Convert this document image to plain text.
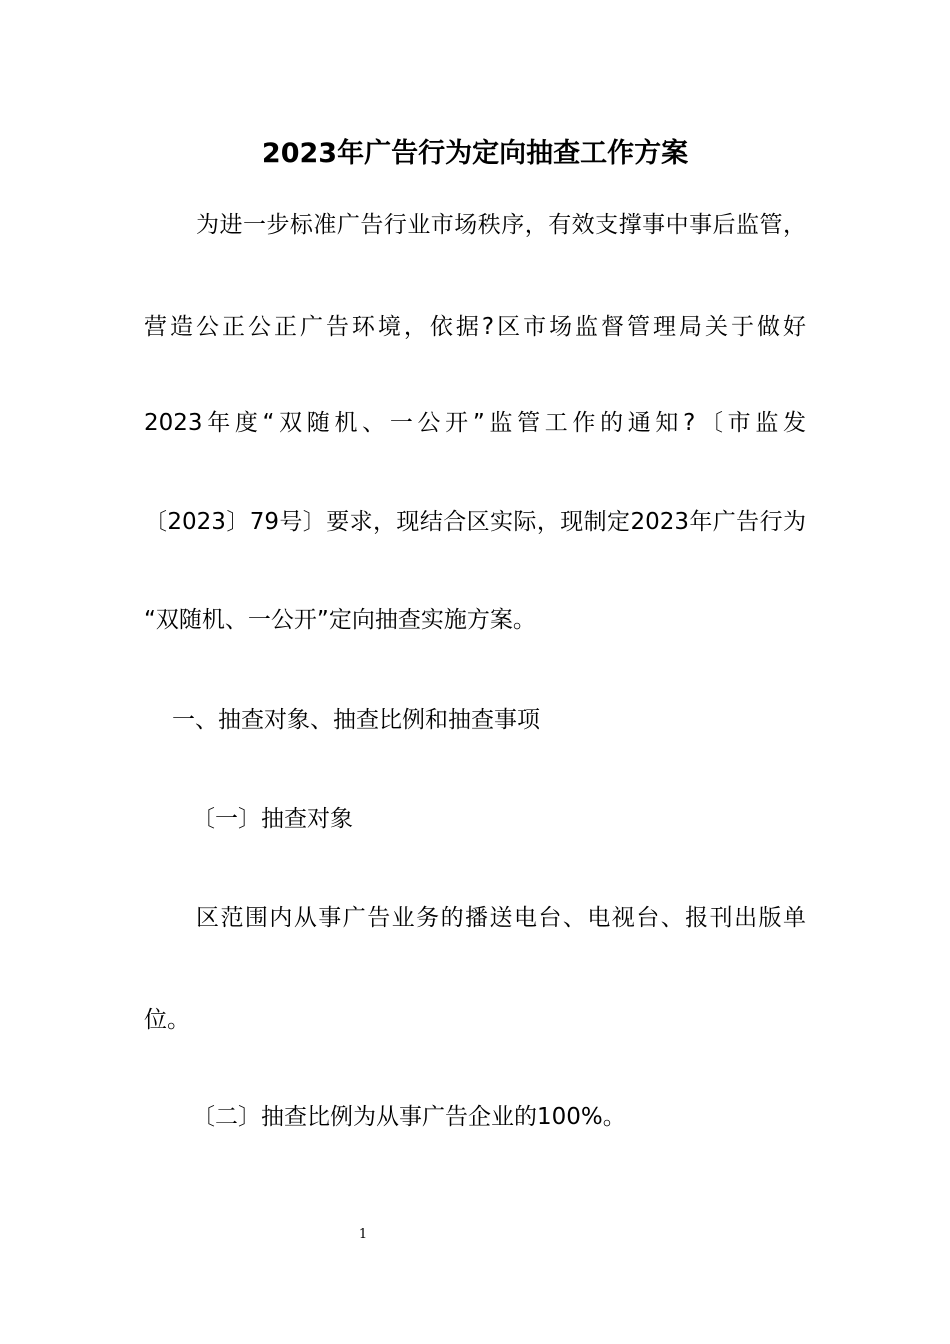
2023年广告行为定向抽查工作方案
为进一步标准广告行业市场秩序，有效支撑事中事后监管，
营造公正公正广告环境，依据?区市场监督管理局关于做好
2023年度“双随机、一公开”监管工作的通知?〔市监发
〔2023〕79号〕要求，现结合区实际，现制定2023年广告行为
“双随机、一公开”定向抽查实施方案。
一、抽查对象、抽查比例和抽查事项
〔一〕抽查对象
区范围内从事广告业务的播送电台、电视台、报刊出版单
位。
〔二〕抽查比例为从事广告企业的100%。
1
